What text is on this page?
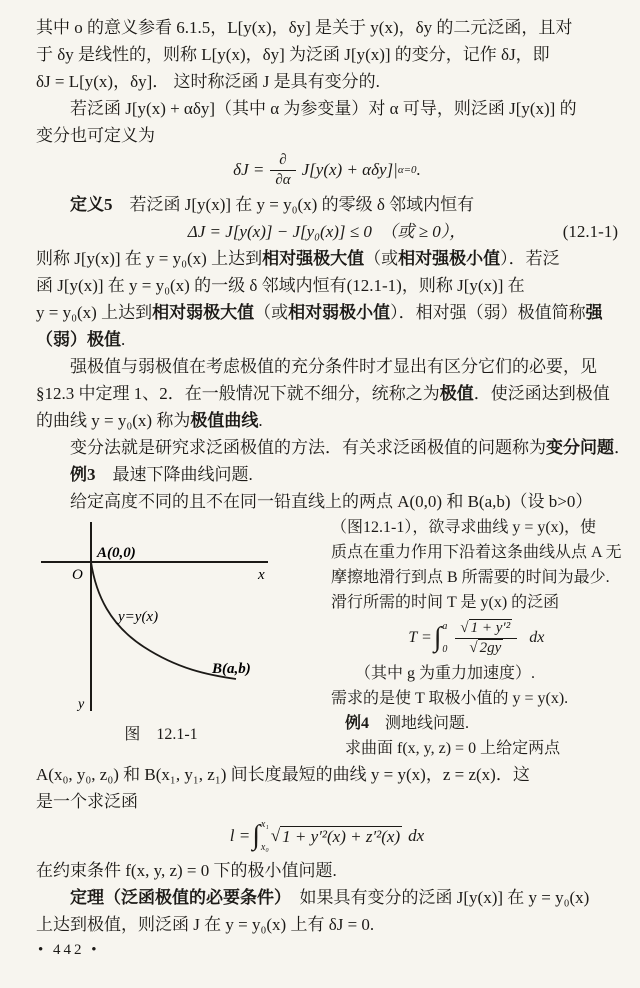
其中 o 的意义参看 6.1.5，L[y(x)，δy] 是关于 y(x)，δy 的二元泛函，且对
于 δy 是线性的，则称 L[y(x)，δy] 为泛函 J[y(x)] 的变分，记作 δJ，即
δJ = L[y(x)，δy]． 这时称泛函 J 是具有变分的.
若泛函 J[y(x) + αδy]（其中 α 为参变量）对 α 可导，则泛函 J[y(x)] 的
变分也可定义为
$\delta J = \frac{\partial}{\partial\alpha} J[y(x) + \alpha\delta y]|$ α=0 .
定义5　若泛函 J[y(x)] 在 y = y₀(x) 的零级 δ 邻域内恒有
ΔJ = J[y(x)] − J[y₀(x)] ≤ 0　（或 ≥ 0），	(12.1-1)
则称 J[y(x)] 在 y = y₀(x) 上达到相对强极大值（或相对强极小值）．若泛
函 J[y(x)] 在 y = y₀(x) 的一级 δ 邻域内恒有(12.1-1)，则称 J[y(x)] 在
y = y₀(x) 上达到相对弱极大值（或相对弱极小值）．相对强（弱）极值简称强
（弱）极值.
强极值与弱极值在考虑极值的充分条件时才显出有区分它们的必要，见
§12.3 中定理 1、2．在一般情况下就不细分，统称之为极值．使泛函达到极值
的曲线 y = y₀(x) 称为极值曲线.
变分法就是研究求泛函极值的方法．有关求泛函极值的问题称为变分问题．
例3　最速下降曲线问题.
给定高度不同的且不在同一铅直线上的两点 A(0,0) 和 B(a,b)（设 b>0）
O
A(0,0)
x
y
y=y(x)
B(a,b)
图　12.1-1
（图12.1-1），欲寻求曲线 y = y(x)，使
质点在重力作用下沿着这条曲线从点 A 无
摩擦地滑行到点 B 所需要的时间为最少.
滑行所需的时间 T 是 y(x) 的泛函
T = ∫ a
$0 \frac{\text{√ 1 + y′²}}{√ 2gy}$ dx
（其中 g 为重力加速度）.
需求的是使 T 取极小值的 y = y(x).
例4　测地线问题.
求曲面 f(x, y, z) = 0 上给定两点
A(x₀, y₀, z₀) 和 B(x₁, y₁, z₁) 间长度最短的曲线 y = y(x)，z = z(x)．这
是一个求泛函
l = ∫ x₁
x₀
√ 1 + y′²(x) + z′²(x) dx
在约束条件 f(x, y, z) = 0 下的极小值问题.
定理（泛函极值的必要条件）　如果具有变分的泛函 J[y(x)] 在 y = y₀(x)
上达到极值，则泛函 J 在 y = y₀(x) 上有 δJ = 0.
• 442 •
